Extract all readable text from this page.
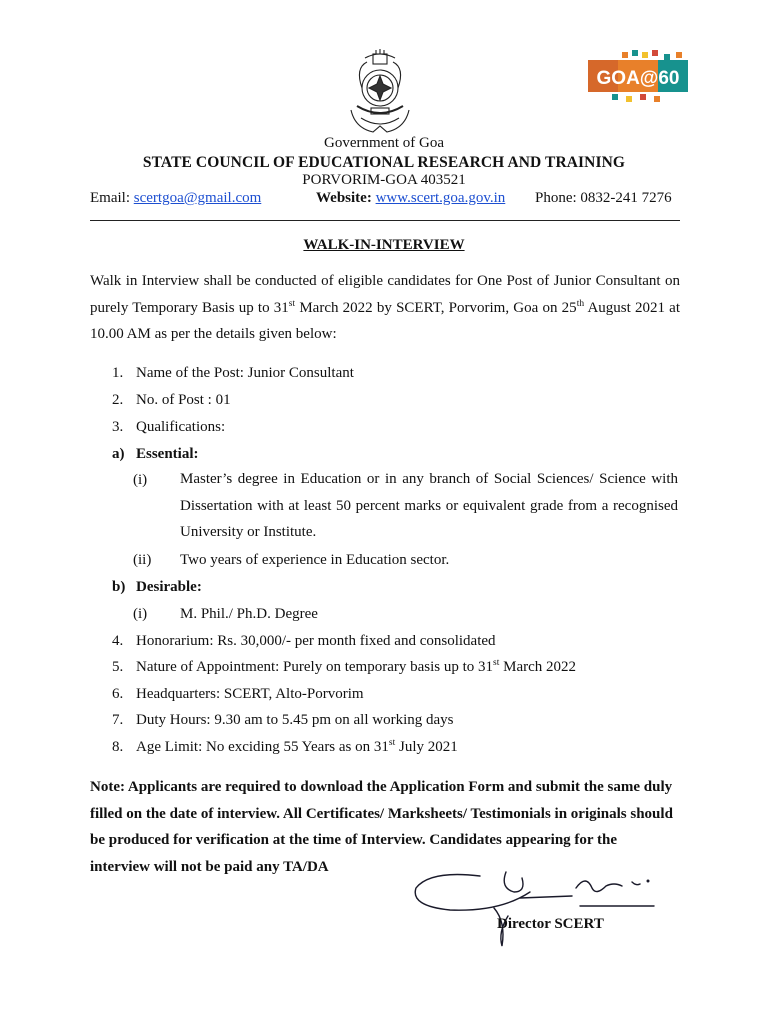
GOA@60
Government of Goa
STATE COUNCIL OF EDUCATIONAL RESEARCH AND TRAINING
PORVORIM-GOA 403521
Email: scertgoa@gmail.com	Website: www.scert.goa.gov.in Phone: 0832-241 7276
WALK-IN-INTERVIEW
Walk in Interview shall be conducted of eligible candidates for One Post of Junior Consultant on purely Temporary Basis up to 31st March 2022 by SCERT, Porvorim, Goa on 25th August 2021 at 10.00 AM as per the details given below:
1. Name of the Post: Junior Consultant
2. No. of Post : 01
3. Qualifications:
a) Essential:
(i) Master’s degree in Education or in any branch of Social Sciences/ Science with Dissertation with at least 50 percent marks or equivalent grade from a recognised University or Institute.
(ii) Two years of experience in Education sector.
b) Desirable:
(i) M. Phil./ Ph.D. Degree
4. Honorarium: Rs. 30,000/- per month fixed and consolidated
5. Nature of Appointment: Purely on temporary basis up to 31st March 2022
6. Headquarters: SCERT, Alto-Porvorim
7. Duty Hours: 9.30 am to 5.45 pm on all working days
8. Age Limit: No exciding 55 Years as on 31st July 2021
Note: Applicants are required to download the Application Form and submit the same duly filled on the date of interview. All Certificates/ Marksheets/ Testimonials in originals should be produced for verification at the time of Interview. Candidates appearing for the interview will not be paid any TA/DA
Director SCERT
